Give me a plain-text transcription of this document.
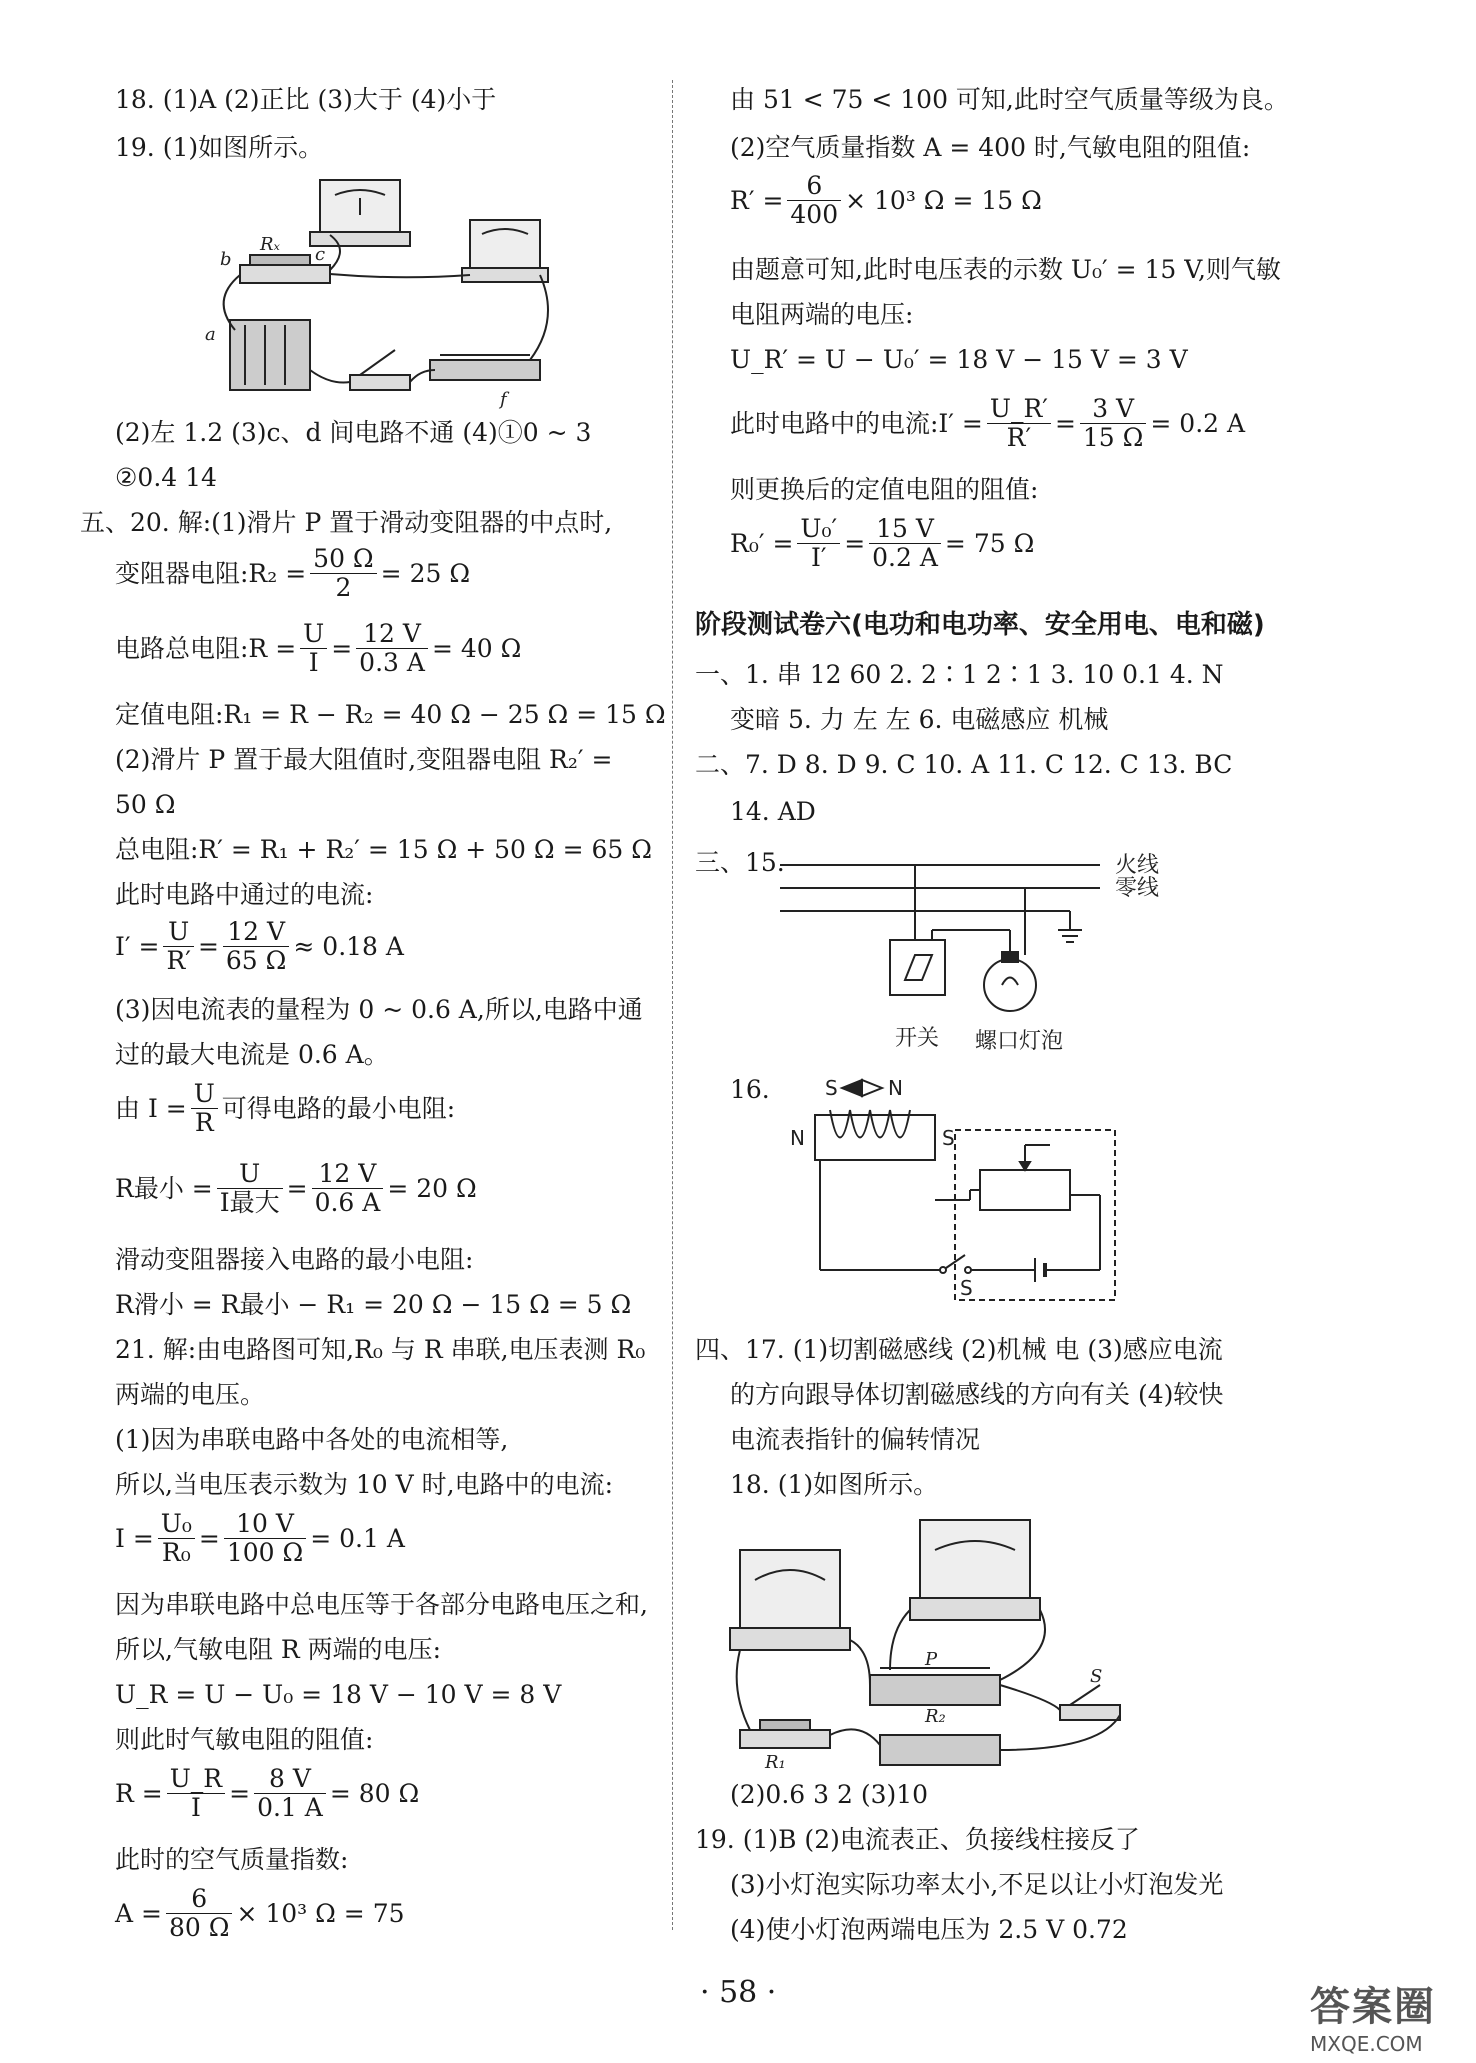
18. (1)A (2)正比 (3)大于 (4)小于
19. (1)如图所示。
b
a
c
Rₓ
f
(2)左 1.2 (3)c、d 间电路不通 (4)①0 ~ 3
②0.4 14
五、20. 解:(1)滑片 P 置于滑动变阻器的中点时,
变阻器电阻:R₂ = $\frac{50 \Omega}{2} = 25$ Ω
电路总电阻:R = $\frac{U}{I} = \frac{12 V}{0.3 A} = 40$ Ω
定值电阻:R₁ = R − R₂ = 40 Ω − 25 Ω = 15 Ω
(2)滑片 P 置于最大阻值时,变阻器电阻 R₂′ =
50 Ω
总电阻:R′ = R₁ + R₂′ = 15 Ω + 50 Ω = 65 Ω
此时电路中通过的电流:
$I' = \frac{U}{R'} = \frac{12 V}{65 \Omega} \approx 0.18$ A
(3)因电流表的量程为 0 ~ 0.6 A,所以,电路中通
过的最大电流是 0.6 A。
由 $I = \frac{U}{R}$ 可得电路的最小电阻:
R最小 = $\frac{U}{\text{I最大}} = \frac{12 V}{0.6 A} = 20$ Ω
滑动变阻器接入电路的最小电阻:
R滑小 = R最小 − R₁ = 20 Ω − 15 Ω = 5 Ω
21. 解:由电路图可知,R₀ 与 R 串联,电压表测 R₀
两端的电压。
(1)因为串联电路中各处的电流相等,
所以,当电压表示数为 10 V 时,电路中的电流:
$I = \frac{\text{U₀}}{\text{R₀}} = \frac{10 V}{100 \Omega} = 0.1$ A
因为串联电路中总电压等于各部分电路电压之和,
所以,气敏电阻 R 两端的电压:
U_R = U − U₀ = 18 V − 10 V = 8 V
则此时气敏电阻的阻值:
$R = \frac{U\_R}{I} = \frac{8 V}{0.1 A} = 80$ Ω
此时的空气质量指数:
$A = \frac{6}{80 \Omega} \times 10^3$ Ω = 75
由 51 < 75 < 100 可知,此时空气质量等级为良。
(2)空气质量指数 A = 400 时,气敏电阻的阻值:
$R' = \frac{6}{400} \times 10^3$ Ω = 15 Ω
由题意可知,此时电压表的示数 U₀′ = 15 V,则气敏
电阻两端的电压:
U_R′ = U − U₀′ = 18 V − 15 V = 3 V
此时电路中的电流:I′ = $\frac{U\_R'}{R'} = \frac{3 V}{15 \Omega} = 0.2$ A
则更换后的定值电阻的阻值:
$R_0' = \frac{\text{U₀′}}{I'} = \frac{15 V}{0.2 A} = 75$ Ω
阶段测试卷六(电功和电功率、安全用电、电和磁)
一、1. 串 12 60 2. 2∶1 2∶1 3. 10 0.1 4. N
变暗 5. 力 左 左 6. 电磁感应 机械
二、7. D 8. D 9. C 10. A 11. C 12. C 13. BC
14. AD
三、15.	火线
零线
开关 螺口灯泡
16.	S	N
N	S
S
四、17. (1)切割磁感线 (2)机械 电 (3)感应电流
的方向跟导体切割磁感线的方向有关 (4)较快
电流表指针的偏转情况
18. (1)如图所示。
P
R₂
R₁
S
(2)0.6 3 2 (3)10
19. (1)B (2)电流表正、负接线柱接反了
(3)小灯泡实际功率太小,不足以让小灯泡发光
(4)使小灯泡两端电压为 2.5 V 0.72
· 58 ·	答案圈
MXQE.COM
